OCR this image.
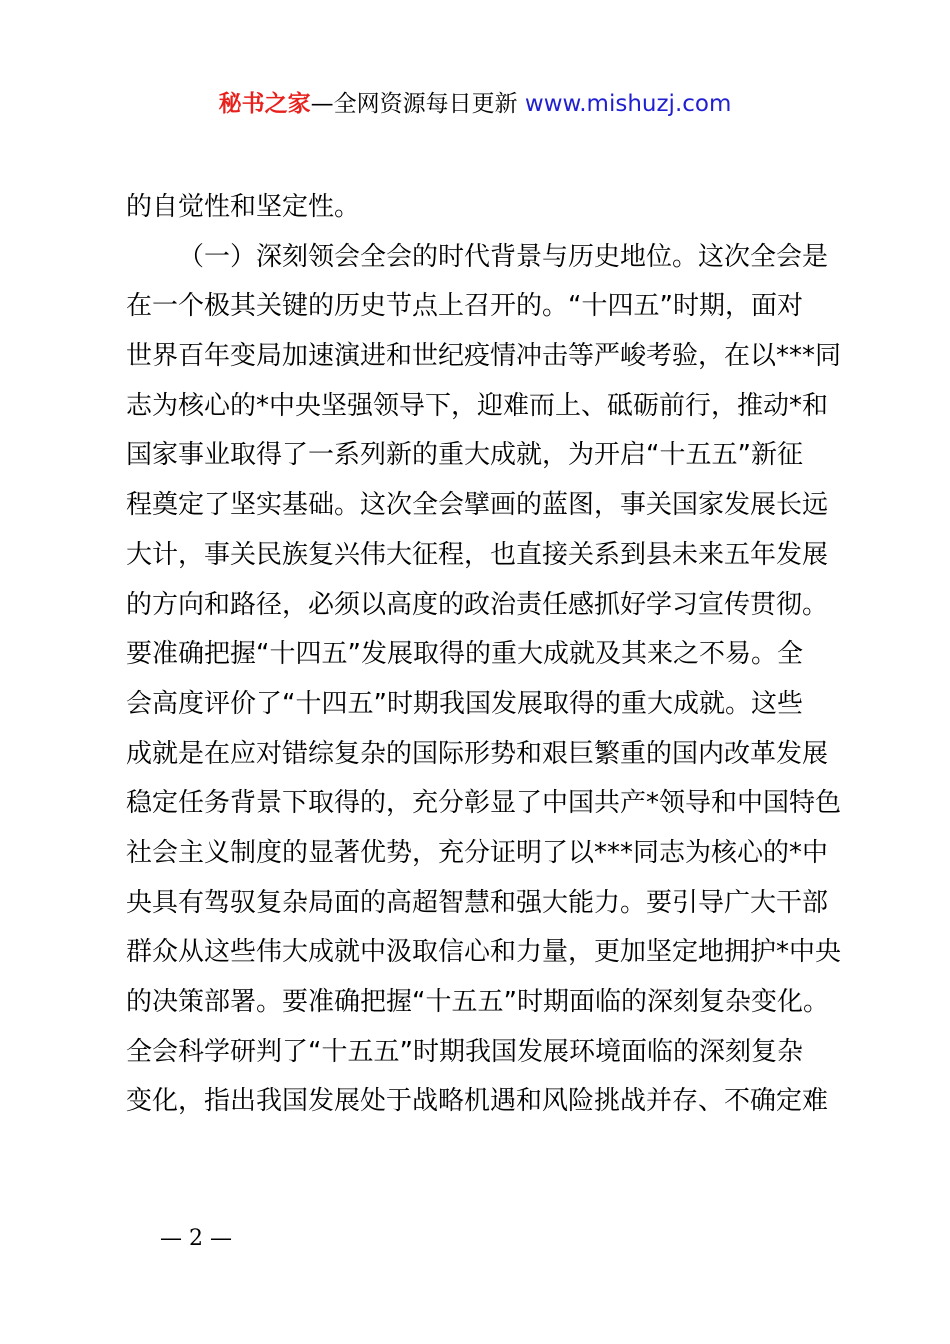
秘书之家—全网资源每日更新 www.mishuzj.com
的自觉性和坚定性。
（一）深刻领会全会的时代背景与历史地位。这次全会是
在一个极其关键的历史节点上召开的。“十四五”时期，面对
世界百年变局加速演进和世纪疫情冲击等严峻考验，在以***同
志为核心的*中央坚强领导下，迎难而上、砥砺前行，推动*和
国家事业取得了一系列新的重大成就，为开启“十五五”新征
程奠定了坚实基础。这次全会擘画的蓝图，事关国家发展长远
大计，事关民族复兴伟大征程，也直接关系到县未来五年发展
的方向和路径，必须以高度的政治责任感抓好学习宣传贯彻。
要准确把握“十四五”发展取得的重大成就及其来之不易。全
会高度评价了“十四五”时期我国发展取得的重大成就。这些
成就是在应对错综复杂的国际形势和艰巨繁重的国内改革发展
稳定任务背景下取得的，充分彰显了中国共产*领导和中国特色
社会主义制度的显著优势，充分证明了以***同志为核心的*中
央具有驾驭复杂局面的高超智慧和强大能力。要引导广大干部
群众从这些伟大成就中汲取信心和力量，更加坚定地拥护*中央
的决策部署。要准确把握“十五五”时期面临的深刻复杂变化。
全会科学研判了“十五五”时期我国发展环境面临的深刻复杂
变化，指出我国发展处于战略机遇和风险挑战并存、不确定难
— 2 —
